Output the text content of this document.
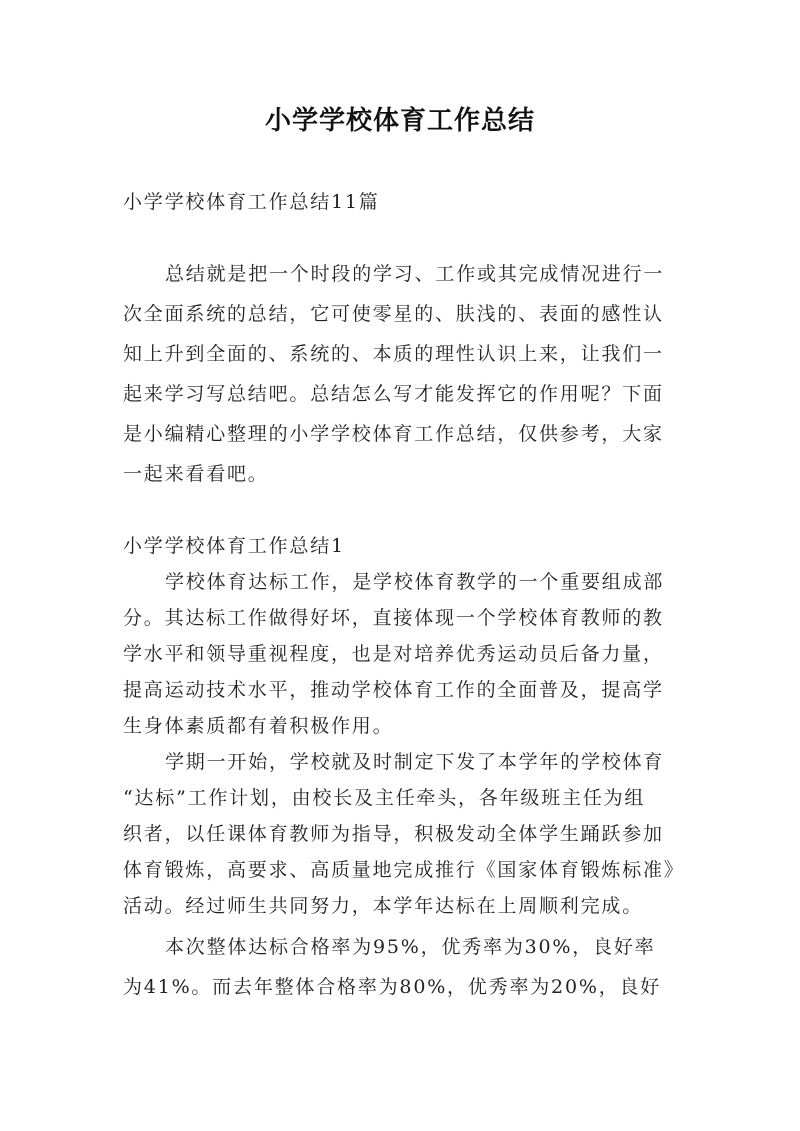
小学学校体育工作总结
小学学校体育工作总结11篇
总结就是把一个时段的学习、工作或其完成情况进行一
次全面系统的总结，它可使零星的、肤浅的、表面的感性认
知上升到全面的、系统的、本质的理性认识上来，让我们一
起来学习写总结吧。总结怎么写才能发挥它的作用呢？下面
是小编精心整理的小学学校体育工作总结，仅供参考，大家
一起来看看吧。
小学学校体育工作总结1
学校体育达标工作，是学校体育教学的一个重要组成部
分。其达标工作做得好坏，直接体现一个学校体育教师的教
学水平和领导重视程度，也是对培养优秀运动员后备力量，
提高运动技术水平，推动学校体育工作的全面普及，提高学
生身体素质都有着积极作用。
学期一开始，学校就及时制定下发了本学年的学校体育
“达标”工作计划，由校长及主任牵头，各年级班主任为组
织者，以任课体育教师为指导，积极发动全体学生踊跃参加
体育锻炼，高要求、高质量地完成推行《国家体育锻炼标准》
活动。经过师生共同努力，本学年达标在上周顺利完成。
本次整体达标合格率为95%，优秀率为30%，良好率
为41%。而去年整体合格率为80%，优秀率为20%，良好
